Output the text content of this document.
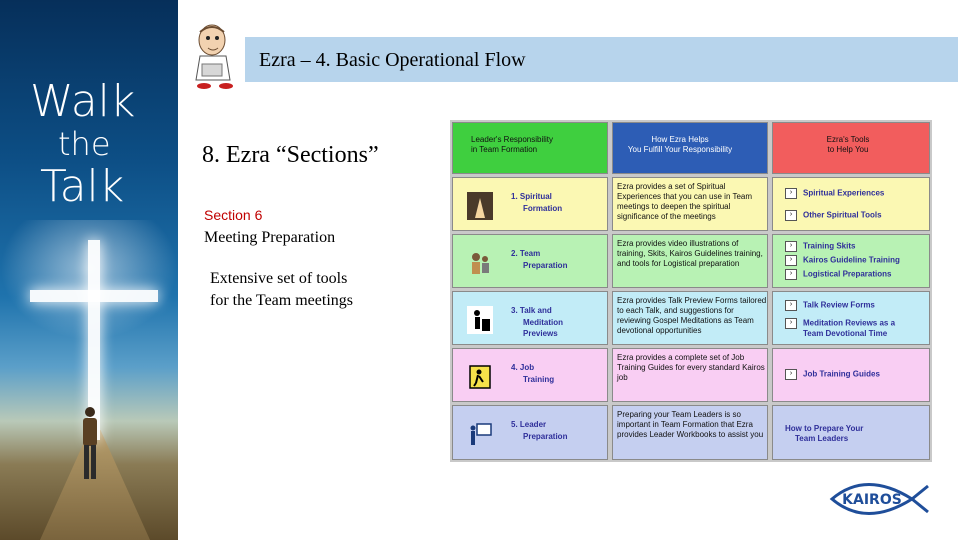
Walk
the
Talk
Ezra – 4. Basic Operational Flow
8. Ezra “Sections”
Section 6
Meeting Preparation
Extensive set of tools
for the Team meetings
Leader's Responsibility
in Team Formation
How Ezra Helps
You Fulfill Your Responsibility
Ezra's Tools
to Help You
1. Spiritual
Formation
Ezra provides a set of Spiritual Experiences that you can use in Team meetings to deepen the spiritual significance of the meetings
› Spiritual Experiences
› Other Spiritual Tools
2. Team
Preparation
Ezra provides video illustrations of training, Skits, Kairos Guidelines training, and tools for Logistical preparation
› Training Skits
› Kairos Guideline Training
› Logistical Preparations
3. Talk and
Meditation
Previews
Ezra provides Talk Preview Forms tailored to each Talk, and suggestions for reviewing Gospel Meditations as Team devotional opportunities
› Talk Review Forms
› Meditation Reviews as a
Team Devotional Time
4. Job
Training
Ezra provides a complete set of Job Training Guides for every standard Kairos job	› Job Training Guides
5. Leader
Preparation
Preparing your Team Leaders is so important in Team Formation that Ezra provides Leader Workbooks to assist you
How to Prepare Your
Team Leaders
KAIROS
